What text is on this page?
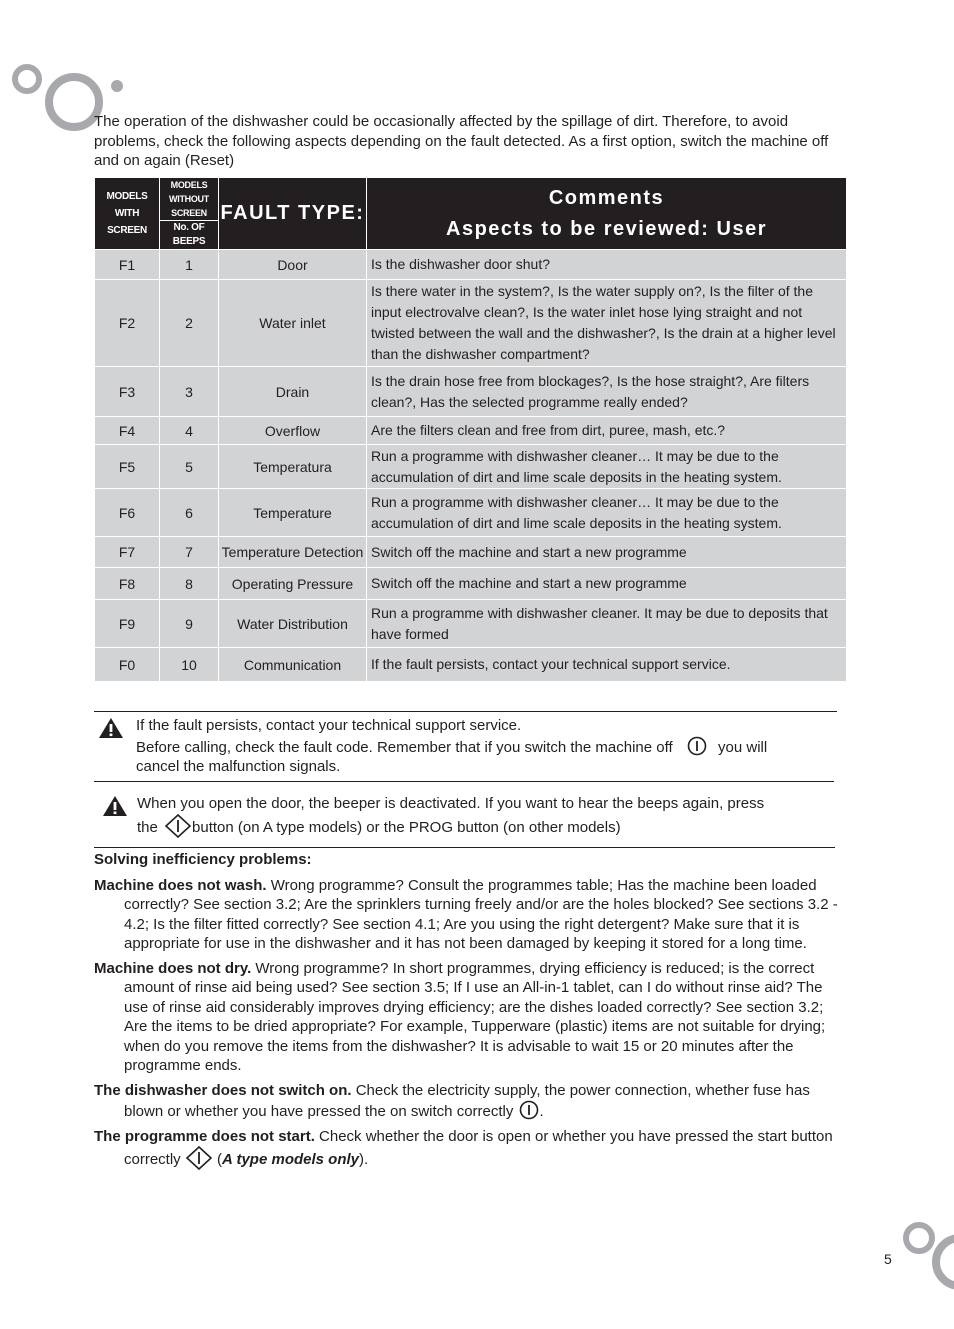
The operation of the dishwasher could be occasionally affected by the spillage of dirt. Therefore, to avoid problems, check the following aspects depending on the fault detected. As a first option, switch the machine off and on again (Reset)
MODELS WITH SCREEN	MODELS WITHOUT SCREEN	FAULT TYPE:	Comments
Aspects to be reviewed: User

	No. OF BEEPS		
F1	1	Door	Is the dishwasher door shut?
F2	2	Water inlet	Is there water in the system?, Is the water supply on?, Is the filter of the input electrovalve clean?, Is the water inlet hose lying straight and not twisted between the wall and the dishwasher?, Is the drain at a higher level than the dishwasher compartment?
F3	3	Drain	Is the drain hose free from blockages?, Is the hose straight?, Are filters clean?, Has the selected programme really ended?
F4	4	Overflow	Are the filters clean and free from dirt, puree, mash, etc.?
F5	5	Temperatura	Run a programme with dishwasher cleaner… It may be due to the accumulation of dirt and lime scale deposits in the heating system.
F6	6	Temperature	Run a programme with dishwasher cleaner… It may be due to the accumulation of dirt and lime scale deposits in the heating system.
F7	7	Temperature Detection	Switch off the machine and start a new programme
F8	8	Operating Pressure	Switch off the machine and start a new programme
F9	9	Water Distribution	Run a programme with dishwasher cleaner. It may be due to deposits that have formed
F0	10	Communication	If the fault persists, contact your technical support service.
If the fault persists, contact your technical support service.
Before calling, check the fault code. Remember that if you switch the machine off	you will
cancel the malfunction signals.
When you open the door, the beeper is deactivated. If you want to hear the beeps again, press
the button (on A type models) or the PROG button (on other models)

Solving inefficiency problems:

Machine does not wash. Wrong programme? Consult the programmes table; Has the machine been loaded correctly? See section 3.2; Are the sprinklers turning freely and/or are the holes blocked? See sections 3.2 - 4.2; Is the filter fitted correctly? See section 4.1; Are you using the right detergent? Make sure that it is appropriate for use in the dishwasher and it has not been damaged by keeping it stored for a long time.

Machine does not dry. Wrong programme? In short programmes, drying efficiency is reduced; is the correct amount of rinse aid being used? See section 3.5; If I use an All-in-1 tablet, can I do without rinse aid? The use of rinse aid considerably improves drying efficiency; are the dishes loaded correctly? See section 3.2; Are the items to be dried appropriate? For example, Tupperware (plastic) items are not suitable for drying; when do you remove the items from the dishwasher? It is advisable to wait 15 or 20 minutes after the programme ends.

The dishwasher does not switch on. Check the electricity supply, the power connection, whether fuse has blown or whether you have pressed the on switch correctly .

The programme does not start. Check whether the door is open or whether you have pressed the start button correctly  (A type models only).

5
